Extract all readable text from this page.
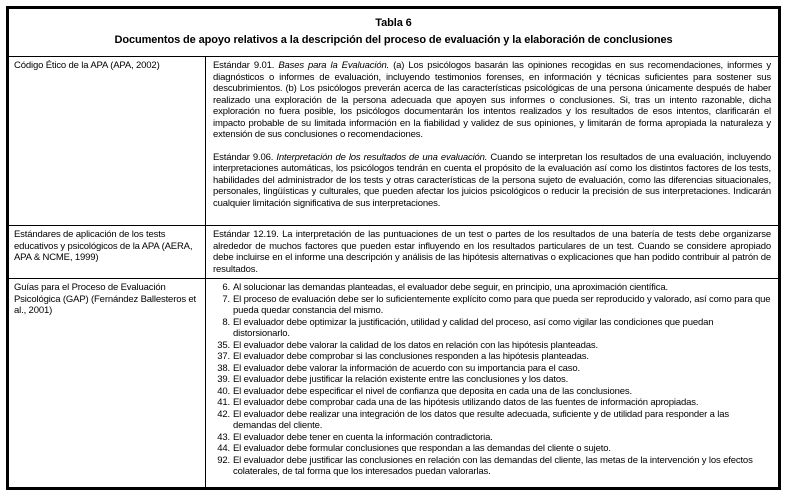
Tabla 6
Documentos de apoyo relativos a la descripción del proceso de evaluación y la elaboración de conclusiones
Código Ético de la APA (APA, 2002)	Estándar 9.01. Bases para la Evaluación. (a) Los psicólogos basarán las opiniones recogidas en sus recomendaciones, informes y diagnósticos o informes de evaluación, incluyendo testimonios forenses, en información y técnicas suficientes para sostener sus descubrimientos. (b) Los psicólogos preverán acerca de las características psicológicas de una persona únicamente después de haber realizado una exploración de la persona adecuada que apoyen sus informes o conclusiones. Si, tras un intento razonable, dicha exploración no fuera posible, los psicólogos documentarán los intentos realizados y los resultados de esos intentos, clarificarán el impacto probable de su limitada información en la fiabilidad y validez de sus opiniones, y limitarán de forma apropiada la naturaleza y extensión de sus conclusiones o recomendaciones.
Estándar 9.06. Interpretación de los resultados de una evaluación. Cuando se interpretan los resultados de una evaluación, incluyendo interpretaciones automáticas, los psicólogos tendrán en cuenta el propósito de la evaluación así como los distintos factores de los tests, habilidades del administrador de los tests y otras características de la persona sujeto de evaluación, como las diferencias situacionales, personales, lingüísticas y culturales, que pueden afectar los juicios psicológicos o reducir la precisión de sus interpretaciones. Indicarán cualquier limitación significativa de sus interpretaciones.
Estándares de aplicación de los tests educativos y psicológicos de la APA (AERA, APA & NCME, 1999)
Estándar 12.19. La interpretación de las puntuaciones de un test o partes de los resultados de una batería de tests debe organizarse alrededor de muchos factores que pueden estar influyendo en los resultados particulares de un test. Cuando se considere apropiado debe incluirse en el informe una descripción y análisis de las hipótesis alternativas o explicaciones que han podido contribuir al patrón de resultados.
Guías para el Proceso de Evaluación Psicológica (GAP) (Fernández Ballesteros et al., 2001)
6. Al solucionar las demandas planteadas, el evaluador debe seguir, en principio, una aproximación científica.
7. El proceso de evaluación debe ser lo suficientemente explícito como para que pueda ser reproducido y valorado, así como para que pueda quedar constancia del mismo.
8. El evaluador debe optimizar la justificación, utilidad y calidad del proceso, así como vigilar las condiciones que puedan distorsionarlo.
35. El evaluador debe valorar la calidad de los datos en relación con las hipótesis planteadas.
37. El evaluador debe comprobar si las conclusiones responden a las hipótesis planteadas.
38. El evaluador debe valorar la información de acuerdo con su importancia para el caso.
39. El evaluador debe justificar la relación existente entre las conclusiones y los datos.
40. El evaluador debe especificar el nivel de confianza que deposita en cada una de las conclusiones.
41. El evaluador debe comprobar cada una de las hipótesis utilizando datos de las fuentes de información apropiadas.
42. El evaluador debe realizar una integración de los datos que resulte adecuada, suficiente y de utilidad para responder a las demandas del cliente.
43. El evaluador debe tener en cuenta la información contradictoria.
44. El evaluador debe formular conclusiones que respondan a las demandas del cliente o sujeto.
92. El evaluador debe justificar las conclusiones en relación con las demandas del cliente, las metas de la intervención y los efectos colaterales, de tal forma que los interesados puedan valorarlas.
